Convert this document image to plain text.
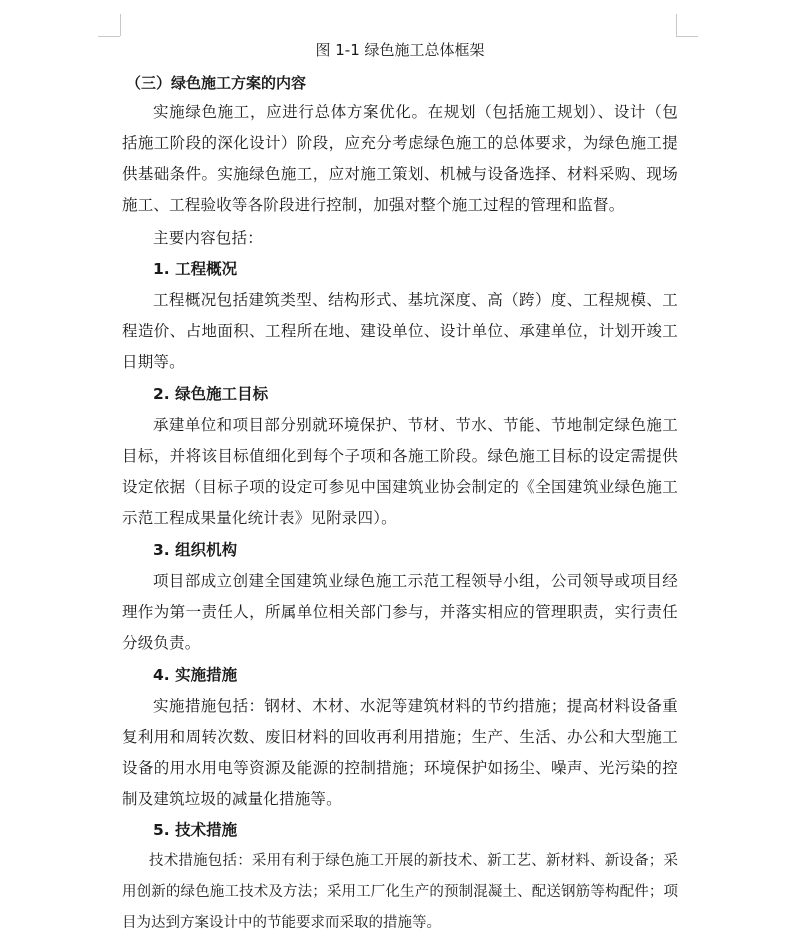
图 1-1 绿色施工总体框架
（三）绿色施工方案的内容

实施绿色施工，应进行总体方案优化。在规划（包括施工规划）、设计（包括施工阶段的深化设计）阶段，应充分考虑绿色施工的总体要求，为绿色施工提供基础条件。实施绿色施工，应对施工策划、机械与设备选择、材料采购、现场施工、工程验收等各阶段进行控制，加强对整个施工过程的管理和监督。

主要内容包括：

1. 工程概况

工程概况包括建筑类型、结构形式、基坑深度、高（跨）度、工程规模、工程造价、占地面积、工程所在地、建设单位、设计单位、承建单位，计划开竣工日期等。

2. 绿色施工目标

承建单位和项目部分别就环境保护、节材、节水、节能、节地制定绿色施工目标，并将该目标值细化到每个子项和各施工阶段。绿色施工目标的设定需提供设定依据（目标子项的设定可参见中国建筑业协会制定的《全国建筑业绿色施工示范工程成果量化统计表》见附录四）。

3. 组织机构

项目部成立创建全国建筑业绿色施工示范工程领导小组，公司领导或项目经理作为第一责任人，所属单位相关部门参与，并落实相应的管理职责，实行责任分级负责。

4. 实施措施

实施措施包括：钢材、木材、水泥等建筑材料的节约措施；提高材料设备重复利用和周转次数、废旧材料的回收再利用措施；生产、生活、办公和大型施工设备的用水用电等资源及能源的控制措施；环境保护如扬尘、噪声、光污染的控制及建筑垃圾的减量化措施等。

5. 技术措施

技术措施包括：采用有利于绿色施工开展的新技术、新工艺、新材料、新设备；采用创新的绿色施工技术及方法；采用工厂化生产的预制混凝土、配送钢筋等构配件；项目为达到方案设计中的节能要求而采取的措施等。
